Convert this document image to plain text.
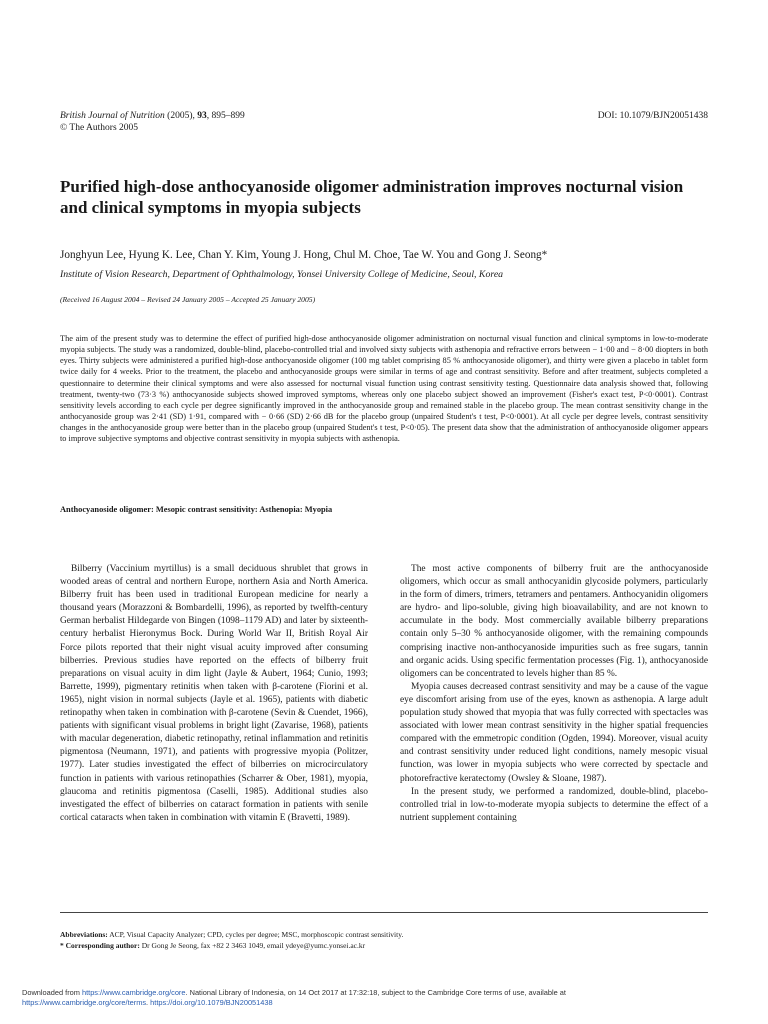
British Journal of Nutrition (2005), 93, 895–899
© The Authors 2005
DOI: 10.1079/BJN20051438
Purified high-dose anthocyanoside oligomer administration improves nocturnal vision and clinical symptoms in myopia subjects
Jonghyun Lee, Hyung K. Lee, Chan Y. Kim, Young J. Hong, Chul M. Choe, Tae W. You and Gong J. Seong*
Institute of Vision Research, Department of Ophthalmology, Yonsei University College of Medicine, Seoul, Korea
(Received 16 August 2004 – Revised 24 January 2005 – Accepted 25 January 2005)
The aim of the present study was to determine the effect of purified high-dose anthocyanoside oligomer administration on nocturnal visual function and clinical symptoms in low-to-moderate myopia subjects. The study was a randomized, double-blind, placebo-controlled trial and involved sixty subjects with asthenopia and refractive errors between − 1·00 and − 8·00 diopters in both eyes. Thirty subjects were administered a purified high-dose anthocyanoside oligomer (100 mg tablet comprising 85 % anthocyanoside oligomer), and thirty were given a placebo in tablet form twice daily for 4 weeks. Prior to the treatment, the placebo and anthocyanoside groups were similar in terms of age and contrast sensitivity. Before and after treatment, subjects completed a questionnaire to determine their clinical symptoms and were also assessed for nocturnal visual function using contrast sensitivity testing. Questionnaire data analysis showed that, following treatment, twenty-two (73·3 %) anthocyanoside subjects showed improved symptoms, whereas only one placebo subject showed an improvement (Fisher's exact test, P<0·0001). Contrast sensitivity levels according to each cycle per degree significantly improved in the anthocyanoside group and remained stable in the placebo group. The mean contrast sensitivity change in the anthocyanoside group was 2·41 (SD) 1·91, compared with − 0·66 (SD) 2·66 dB for the placebo group (unpaired Student's t test, P<0·0001). At all cycle per degree levels, contrast sensitivity changes in the anthocyanoside group were better than in the placebo group (unpaired Student's t test, P<0·05). The present data show that the administration of anthocyanoside oligomer appears to improve subjective symptoms and objective contrast sensitivity in myopia subjects with asthenopia.
Anthocyanoside oligomer: Mesopic contrast sensitivity: Asthenopia: Myopia

Bilberry (Vaccinium myrtillus) is a small deciduous shrublet that grows in wooded areas of central and northern Europe, northern Asia and North America. Bilberry fruit has been used in traditional European medicine for nearly a thousand years (Morazzoni & Bombardelli, 1996), as reported by twelfth-century German herbalist Hildegarde von Bingen (1098–1179 AD) and later by sixteenth-century herbalist Hieronymus Bock. During World War II, British Royal Air Force pilots reported that their night visual acuity improved after consuming bilberries. Previous studies have reported on the effects of bilberry fruit preparations on visual acuity in dim light (Jayle & Aubert, 1964; Cunio, 1993; Barrette, 1999), pigmentary retinitis when taken with β-carotene (Fiorini et al. 1965), night vision in normal subjects (Jayle et al. 1965), patients with diabetic retinopathy when taken in combination with β-carotene (Sevin & Cuendet, 1966), patients with significant visual problems in bright light (Zavarise, 1968), patients with macular degeneration, diabetic retinopathy, retinal inflammation and retinitis pigmentosa (Neumann, 1971), and patients with progressive myopia (Politzer, 1977). Later studies investigated the effect of bilberries on microcirculatory function in patients with various retinopathies (Scharrer & Ober, 1981), myopia, glaucoma and retinitis pigmentosa (Caselli, 1985). Additional studies also investigated the effect of bilberries on cataract formation in patients with senile cortical cataracts when taken in combination with vitamin E (Bravetti, 1989).

The most active components of bilberry fruit are the anthocyanoside oligomers, which occur as small anthocyanidin glycoside polymers, particularly in the form of dimers, trimers, tetramers and pentamers. Anthocyanidin oligomers are hydro- and lipo-soluble, giving high bioavailability, and are not known to accumulate in the body. Most commercially available bilberry preparations contain only 5–30 % anthocyanoside oligomer, with the remaining compounds comprising inactive non-anthocyanoside impurities such as free sugars, tannin and organic acids. Using specific fermentation processes (Fig. 1), anthocyanoside oligomers can be concentrated to levels higher than 85 %.

Myopia causes decreased contrast sensitivity and may be a cause of the vague eye discomfort arising from use of the eyes, known as asthenopia. A large adult population study showed that myopia that was fully corrected with spectacles was associated with lower mean contrast sensitivity in the higher spatial frequencies compared with the emmetropic condition (Ogden, 1994). Moreover, visual acuity and contrast sensitivity under reduced light conditions, namely mesopic visual function, was lower in myopia subjects who were corrected by spectacle and photorefractive keratectomy (Owsley & Sloane, 1987).

In the present study, we performed a randomized, double-blind, placebo-controlled trial in low-to-moderate myopia subjects to determine the effect of a nutrient supplement containing

Abbreviations: ACP, Visual Capacity Analyzer; CPD, cycles per degree; MSC, morphoscopic contrast sensitivity.
* Corresponding author: Dr Gong Je Seong, fax +82 2 3463 1049, email ydeye@yumc.yonsei.ac.kr
Downloaded from https://www.cambridge.org/core. National Library of Indonesia, on 14 Oct 2017 at 17:32:18, subject to the Cambridge Core terms of use, available at
https://www.cambridge.org/core/terms. https://doi.org/10.1079/BJN20051438
